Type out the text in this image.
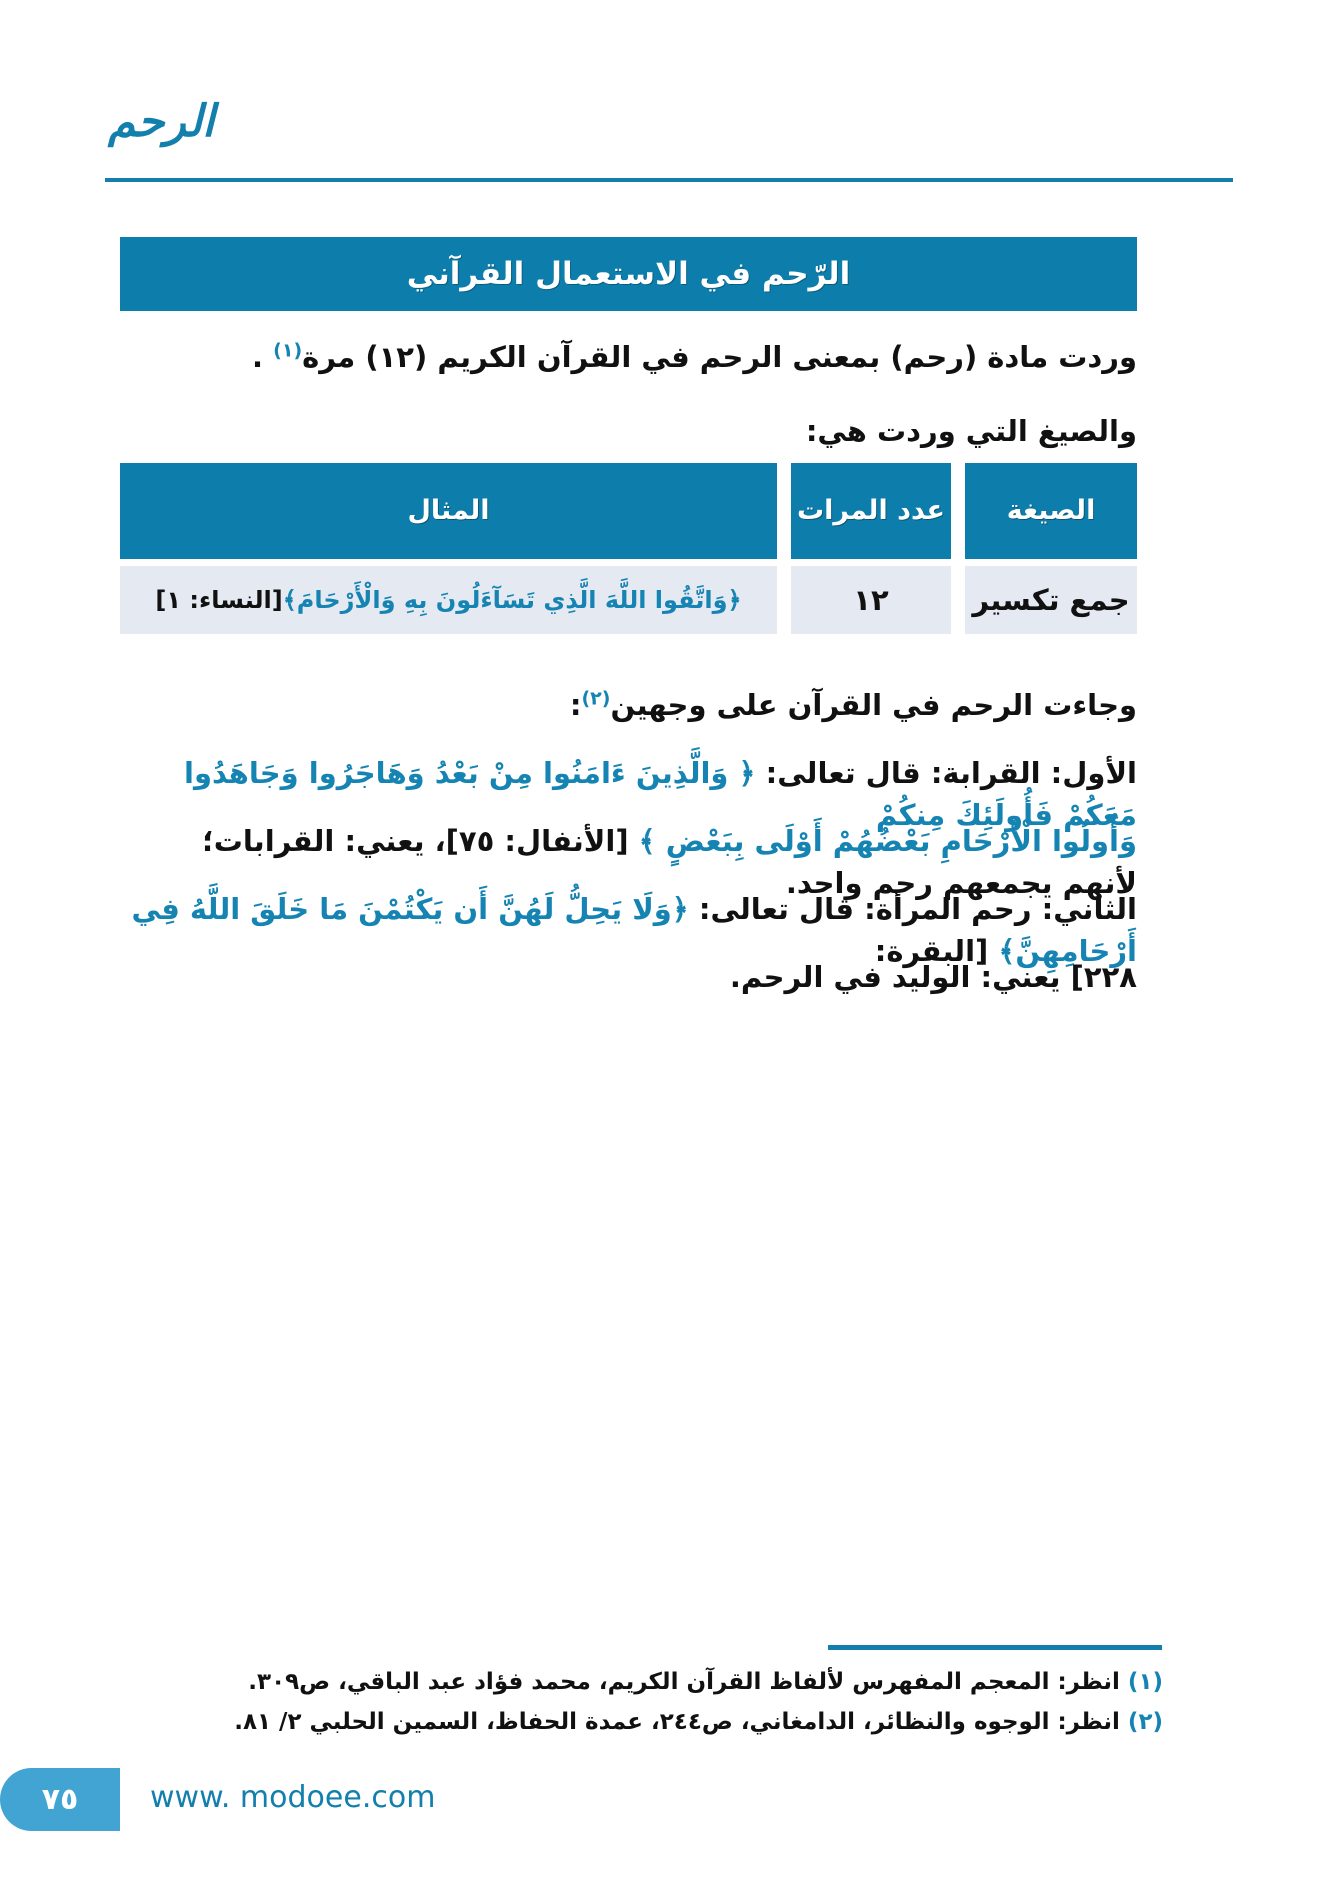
الرحم
الرّحم في الاستعمال القرآني
وردت مادة (رحم) بمعنى الرحم في القرآن الكريم (١٢) مرة$^{(١)}$ .
والصيغ التي وردت هي:
الصيغة
عدد المرات
المثال
جمع تكسير
١٢
﴿وَاتَّقُوا اللَّهَ الَّذِي تَسَآءَلُونَ بِهِ وَالْأَرْحَامَ﴾
[النساء: ١]
وجاءت الرحم في القرآن على وجهين$^{(٢)}$:
الأول: القرابة: قال تعالى: ﴿ وَالَّذِينَ ءَامَنُوا مِنْ بَعْدُ وَهَاجَرُوا وَجَاهَدُوا مَعَكُمْ فَأُولَئِكَ مِنكُمْ
وَأُولُوا الْأَرْحَامِ بَعْضُهُمْ أَوْلَى بِبَعْضٍ ﴾ [الأنفال: ٧٥]، يعني: القرابات؛ لأنهم يجمعهم رحم واحد.
الثاني: رحم المرأة: قال تعالى: ﴿وَلَا يَحِلُّ لَهُنَّ أَن يَكْتُمْنَ مَا خَلَقَ اللَّهُ فِي أَرْحَامِهِنَّ﴾ [البقرة:
٢٢٨] يعني: الوليد في الرحم.
(١) انظر: المعجم المفهرس لألفاظ القرآن الكريم، محمد فؤاد عبد الباقي، ص٣٠٩.
(٢) انظر: الوجوه والنظائر، الدامغاني، ص٢٤٤، عمدة الحفاظ، السمين الحلبي ٢/ ٨١.
٧٥ www. modoee.com
